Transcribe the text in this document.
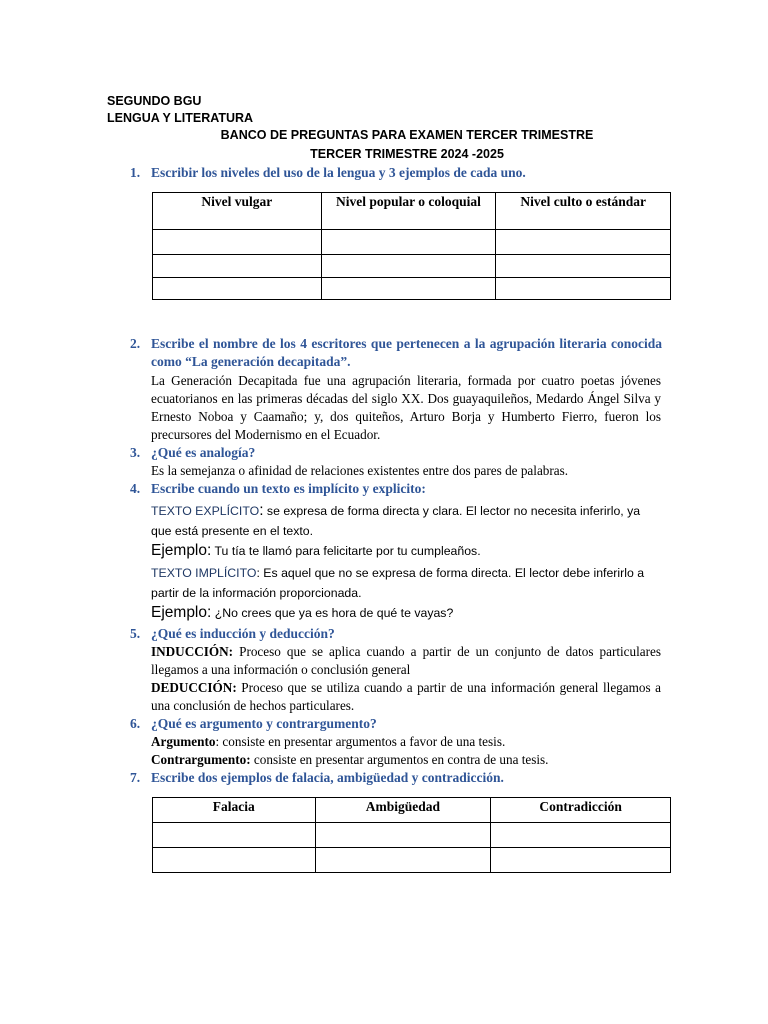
SEGUNDO BGU
LENGUA Y LITERATURA
BANCO DE PREGUNTAS PARA EXAMEN TERCER TRIMESTRE
TERCER TRIMESTRE 2024 -2025
1. Escribir los niveles del uso de la lengua y 3 ejemplos de cada uno.
Nivel vulgar	Nivel popular o coloquial	Nivel culto o estándar

2. Escribe el nombre de los 4 escritores que pertenecen a la agrupación literaria conocida como “La generación decapitada”.
La Generación Decapitada fue una agrupación literaria, formada por cuatro poetas jóvenes ecuatorianos en las primeras décadas del siglo XX. Dos guayaquileños, Medardo Ángel Silva y Ernesto Noboa y Caamaño; y, dos quiteños, Arturo Borja y Humberto Fierro, fueron los precursores del Modernismo en el Ecuador.
3. ¿Qué es analogía?
Es la semejanza o afinidad de relaciones existentes entre dos pares de palabras.
4. Escribe cuando un texto es implícito y explicito:
TEXTO EXPLÍCITO: se expresa de forma directa y clara. El lector no necesita inferirlo, ya que está presente en el texto.
Ejemplo: Tu tía te llamó para felicitarte por tu cumpleaños.
TEXTO IMPLÍCITO: Es aquel que no se expresa de forma directa. El lector debe inferirlo a partir de la información proporcionada.
Ejemplo: ¿No crees que ya es hora de qué te vayas?
5. ¿Qué es inducción y deducción?
INDUCCIÓN: Proceso que se aplica cuando a partir de un conjunto de datos particulares llegamos a una información o conclusión general
DEDUCCIÓN: Proceso que se utiliza cuando a partir de una información general llegamos a una conclusión de hechos particulares.
6. ¿Qué es argumento y contrargumento?
Argumento: consiste en presentar argumentos a favor de una tesis.
Contrargumento: consiste en presentar argumentos en contra de una tesis.
7. Escribe dos ejemplos de falacia, ambigüedad y contradicción.
Falacia	Ambigüedad	Contradicción
